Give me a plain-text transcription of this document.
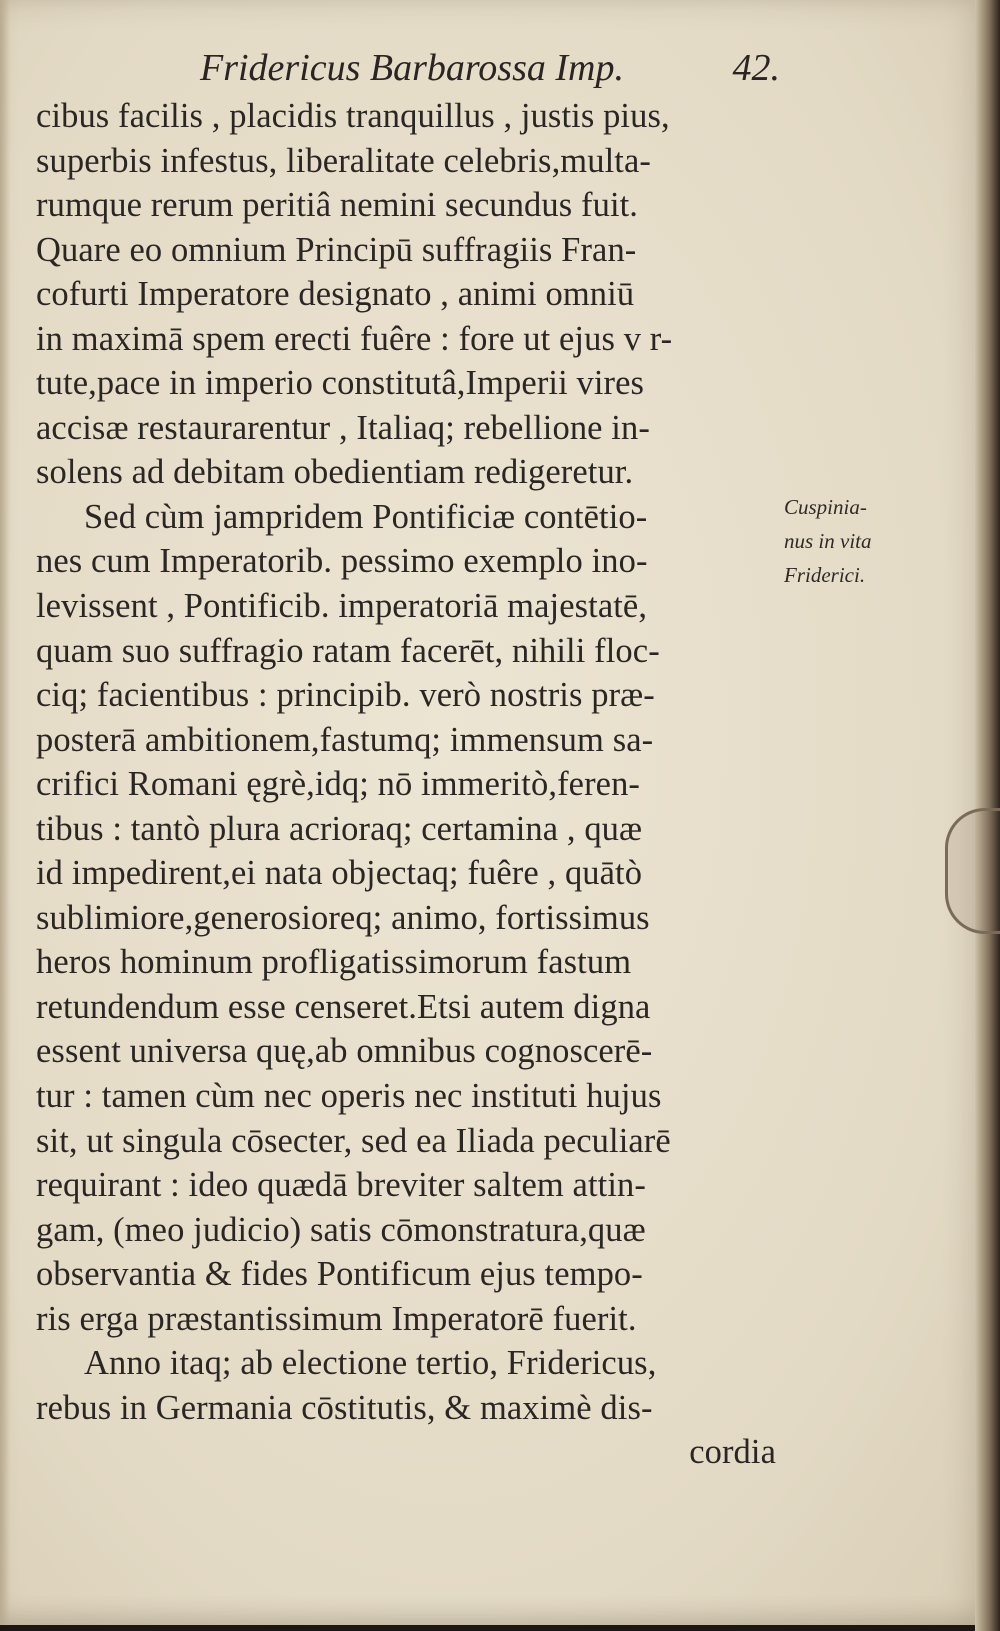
Fridericus Barbarossa Imp.	42.
cibus facilis , placidis tranquillus , justis pius,
superbis infestus, liberalitate celebris,multa-
rumque rerum peritiâ nemini secundus fuit.
Quare eo omnium Principū suffragiis Fran-
cofurti Imperatore designato , animi omniū
in maximā spem erecti fuêre : fore ut ejus v r-
tute,pace in imperio constitutâ,Imperii vires
accisæ restaurarentur , Italiaq; rebellione in-
solens ad debitam obedientiam redigeretur.
Sed cùm jampridem Pontificiæ contētio-
nes cum Imperatorib. pessimo exemplo ino-
levissent , Pontificib. imperatoriā majestatē,
quam suo suffragio ratam facerēt, nihili floc-
ciq; facientibus : principib. verò nostris præ-
posterā ambitionem,fastumq; immensum sa-
crifici Romani ęgrè,idq; nō immeritò,feren-
tibus : tantò plura acrioraq; certamina , quæ
id impedirent,ei nata objectaq; fuêre , quātò
sublimiore,generosioreq; animo, fortissimus
heros hominum profligatissimorum fastum
retundendum esse censeret.Etsi autem digna
essent universa quę,ab omnibus cognoscerē-
tur : tamen cùm nec operis nec instituti hujus
sit, ut singula cōsecter, sed ea Iliada peculiarē
requirant : ideo quædā breviter saltem attin-
gam, (meo judicio) satis cōmonstratura,quæ
observantia & fides Pontificum ejus tempo-
ris erga præstantissimum Imperatorē fuerit.
Anno itaq; ab electione tertio, Fridericus,
rebus in Germania cōstitutis, & maximè dis-
cordia
Cuspinia-
nus in vita
Friderici.
